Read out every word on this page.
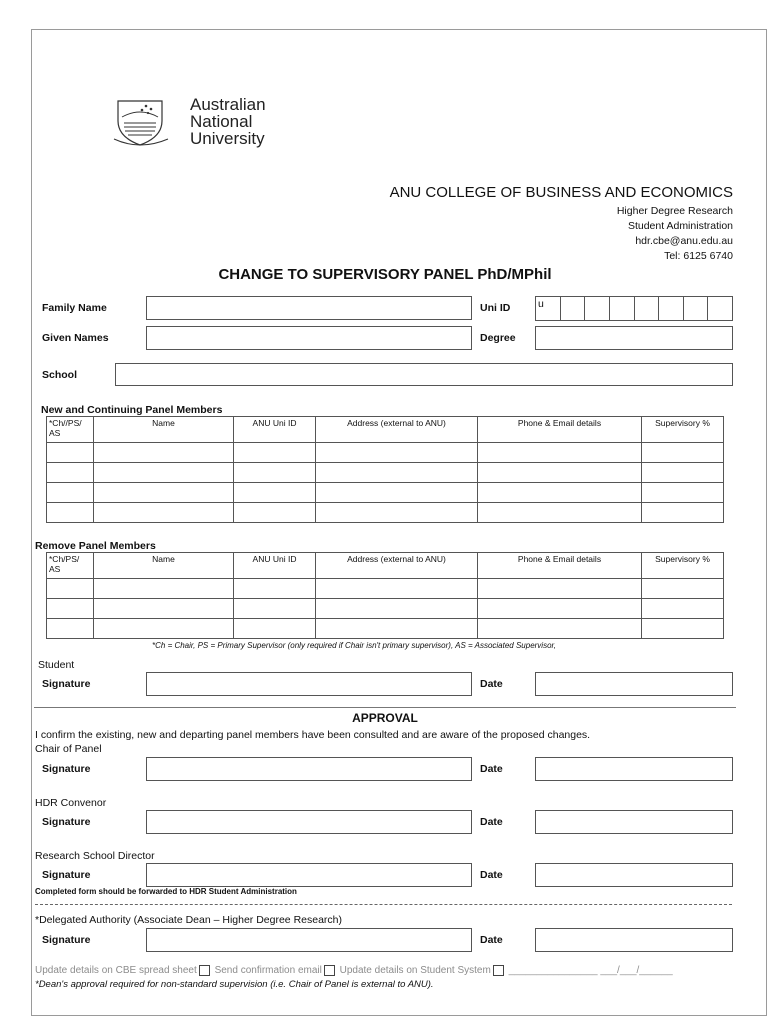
Australian
National
University
ANU COLLEGE OF BUSINESS AND ECONOMICS
Higher Degree Research
Student Administration
hdr.cbe@anu.edu.au
Tel: 6125 6740
CHANGE TO SUPERVISORY PANEL PhD/MPhil
Family Name	Uni ID	u							
Given Names	Degree
School
New and Continuing Panel Members
*Ch//PS/ AS	Name	ANU Uni ID	Address (external to ANU)	Phone & Email details	Supervisory %

Remove Panel Members
*Ch/PS/ AS	Name	ANU Uni ID	Address (external to ANU)	Phone & Email details	Supervisory %

*Ch = Chair, PS = Primary Supervisor (only required if Chair isn't primary supervisor), AS = Associated Supervisor,
Student
Signature	Date
APPROVAL
I confirm the existing, new and departing panel members have been consulted and are aware of the proposed changes.
Chair of Panel
Signature	Date
HDR Convenor
Signature	Date
Research School Director
Signature	Date
Completed form should be forwarded to HDR Student Administration
*Delegated Authority (Associate Dean – Higher Degree Research)
Signature	Date
Update details on CBE spread sheet Send confirmation email Update details on Student System ________________ ___/___/______
*Dean's approval required for non-standard supervision (i.e. Chair of Panel is external to ANU).
